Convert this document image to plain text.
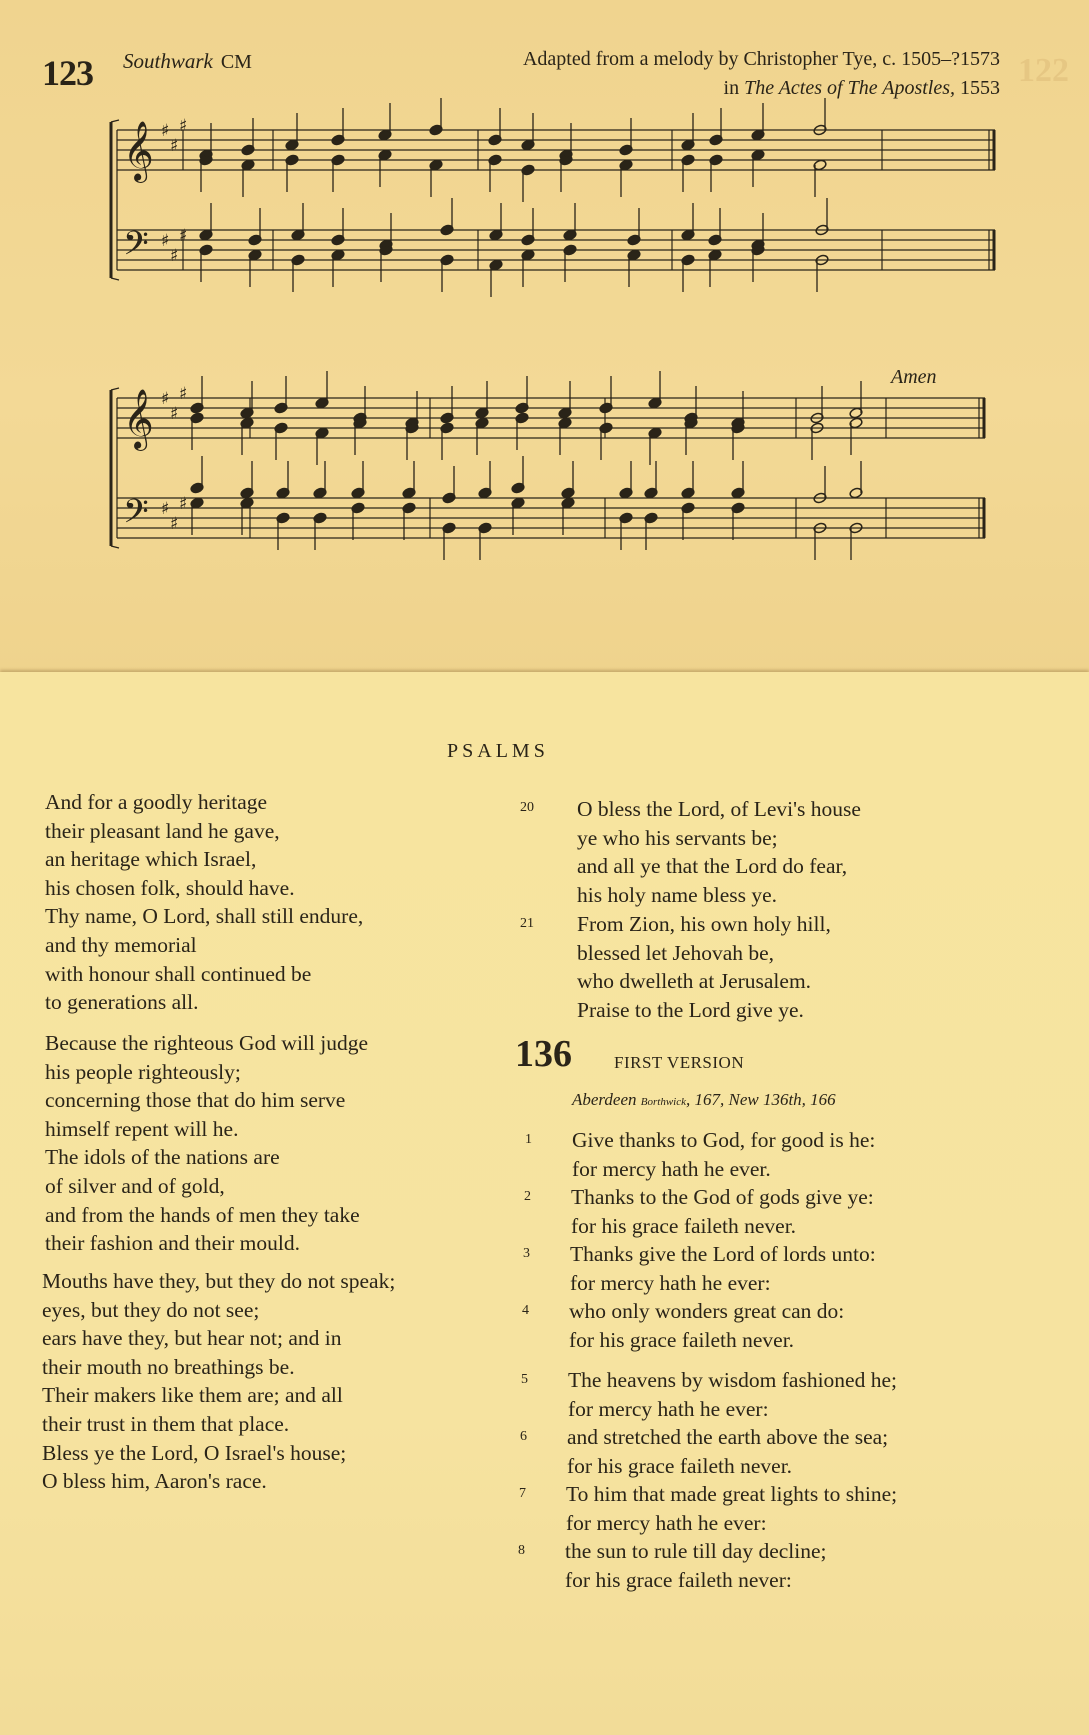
123 Southwark CM	Adapted from a melody by Christopher Tye, c. 1505–?1573
in The Actes of The Apostles, 1553 122
Amen
𝄞
𝄢
♯
♯
♯
♯
♯
♯
𝄞
𝄢
♯
♯
♯
♯
♯
♯
PSALMS
And for a goodly heritage
their pleasant land he gave,
an heritage which Israel,
his chosen folk, should have.
Thy name, O Lord, shall still endure,
and thy memorial
with honour shall continued be
to generations all.
Because the righteous God will judge
his people righteously;
concerning those that do him serve
himself repent will he.
The idols of the nations are
of silver and of gold,
and from the hands of men they take
their fashion and their mould.
Mouths have they, but they do not speak;
eyes, but they do not see;
ears have they, but hear not; and in
their mouth no breathings be.
Their makers like them are; and all
their trust in them that place.
Bless ye the Lord, O Israel's house;
O bless him, Aaron's race.
20 O bless the Lord, of Levi's house
ye who his servants be;
and all ye that the Lord do fear,
his holy name bless ye.
21 From Zion, his own holy hill,
blessed let Jehovah be,
who dwelleth at Jerusalem.
Praise to the Lord give ye.
136 FIRST VERSION
Aberdeen Borthwick, 167, New 136th, 166
1 Give thanks to God, for good is he:
for mercy hath he ever.
2 Thanks to the God of gods give ye:
for his grace faileth never.
3 Thanks give the Lord of lords unto:
for mercy hath he ever:
4 who only wonders great can do:
for his grace faileth never.
5 The heavens by wisdom fashioned he;
for mercy hath he ever:
6 and stretched the earth above the sea;
for his grace faileth never.
7 To him that made great lights to shine;
for mercy hath he ever:
8 the sun to rule till day decline;
for his grace faileth never:
